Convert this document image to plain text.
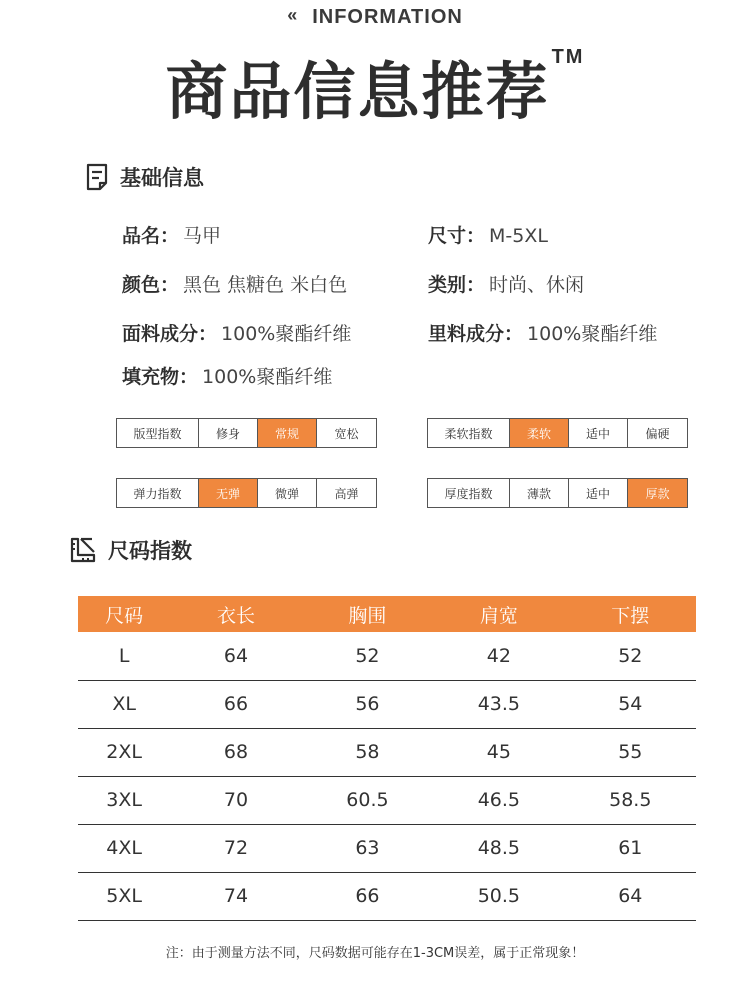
« INFORMATION
商品信息推荐 ™
基础信息
品名： 马甲	尺寸： M-5XL
颜色： 黑色 焦糖色 米白色	类别： 时尚、休闲
面料成分： 100%聚酯纤维	里料成分： 100%聚酯纤维
填充物： 100%聚酯纤维
版型指数	修身	常规	宽松	柔软指数	柔软	适中	偏硬
弹力指数	无弹	微弹	高弹	厚度指数	薄款	适中	厚款
尺码指数
尺码	衣长	胸围	肩宽	下摆
L	64	52	42	52
XL	66	56	43.5	54
2XL	68	58	45	55
3XL	70	60.5	46.5	58.5
4XL	72	63	48.5	61
5XL	74	66	50.5	64
注：由于测量方法不同，尺码数据可能存在1-3CM误差，属于正常现象！
